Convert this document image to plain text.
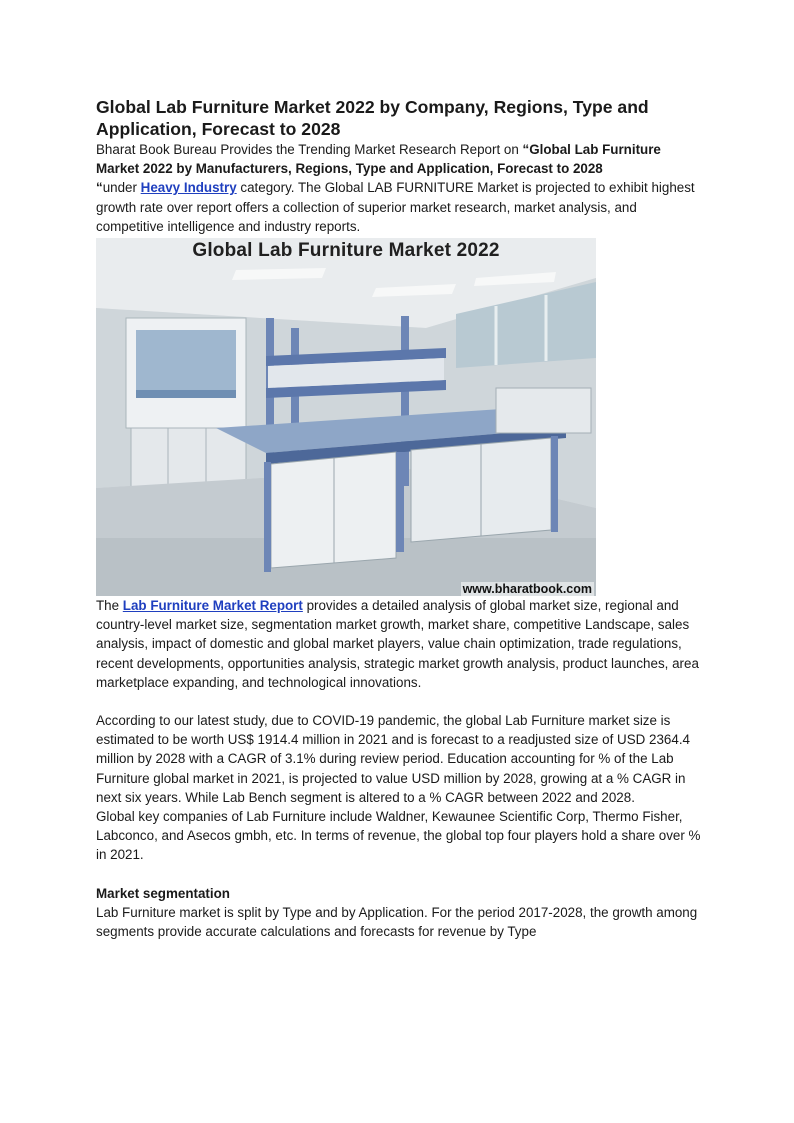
Global Lab Furniture Market 2022 by Company, Regions, Type and Application, Forecast to 2028

Bharat Book Bureau Provides the Trending Market Research Report on “Global Lab Furniture Market 2022 by Manufacturers, Regions, Type and Application, Forecast to 2028
“under Heavy Industry category. The Global LAB FURNITURE Market is projected to exhibit highest growth rate over report offers a collection of superior market research, market analysis, and competitive intelligence and industry reports.

Global Lab Furniture Market 2022
www.bharatbook.com

The Lab Furniture Market Report provides a detailed analysis of global market size, regional and country-level market size, segmentation market growth, market share, competitive Landscape, sales analysis, impact of domestic and global market players, value chain optimization, trade regulations, recent developments, opportunities analysis, strategic market growth analysis, product launches, area marketplace expanding, and technological innovations.

According to our latest study, due to COVID-19 pandemic, the global Lab Furniture market size is estimated to be worth US$ 1914.4 million in 2021 and is forecast to a readjusted size of USD 2364.4 million by 2028 with a CAGR of 3.1% during review period. Education accounting for % of the Lab Furniture global market in 2021, is projected to value USD million by 2028, growing at a % CAGR in next six years. While Lab Bench segment is altered to a % CAGR between 2022 and 2028.

Global key companies of Lab Furniture include Waldner, Kewaunee Scientific Corp, Thermo Fisher, Labconco, and Asecos gmbh, etc. In terms of revenue, the global top four players hold a share over % in 2021.

Market segmentation

Lab Furniture market is split by Type and by Application. For the period 2017-2028, the growth among segments provide accurate calculations and forecasts for revenue by Type
